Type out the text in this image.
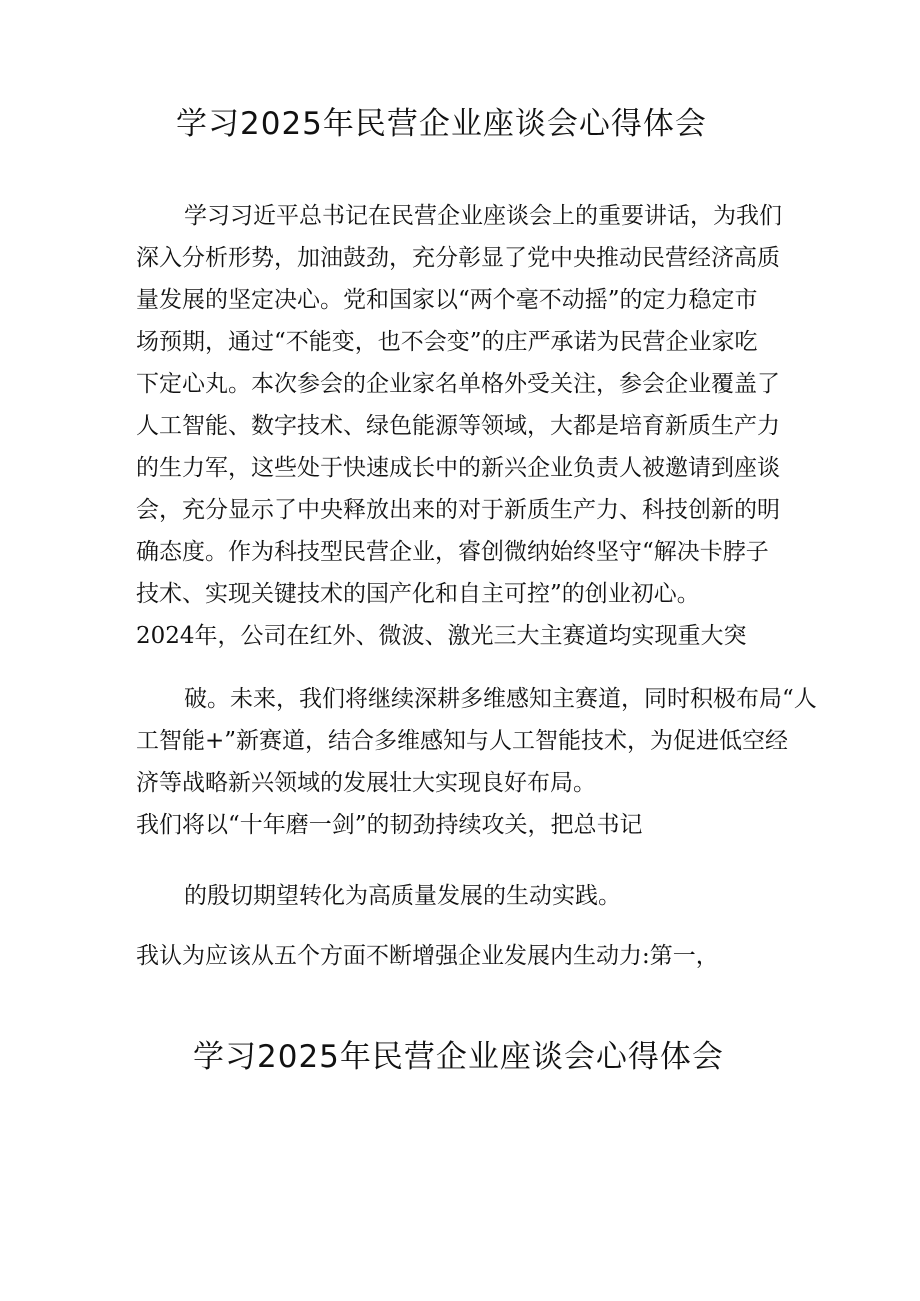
学习2025年民营企业座谈会心得体会
学习习近平总书记在民营企业座谈会上的重要讲话，为我们
深入分析形势，加油鼓劲，充分彰显了党中央推动民营经济高质
量发展的坚定决心。党和国家以“两个毫不动摇”的定力稳定市
场预期，通过“不能变，也不会变”的庄严承诺为民营企业家吃
下定心丸。本次参会的企业家名单格外受关注，参会企业覆盖了
人工智能、数字技术、绿色能源等领域，大都是培育新质生产力
的生力军，这些处于快速成长中的新兴企业负责人被邀请到座谈
会，充分显示了中央释放出来的对于新质生产力、科技创新的明
确态度。作为科技型民营企业，睿创微纳始终坚守“解决卡脖子
技术、实现关键技术的国产化和自主可控”的创业初心。
2024年，公司在红外、微波、激光三大主赛道均实现重大突
破。未来，我们将继续深耕多维感知主赛道，同时积极布局“人
工智能+”新赛道，结合多维感知与人工智能技术，为促进低空经
济等战略新兴领域的发展壮大实现良好布局。
我们将以“十年磨一剑”的韧劲持续攻关，把总书记
的殷切期望转化为高质量发展的生动实践。
我认为应该从五个方面不断增强企业发展内生动力:第一，
学习2025年民营企业座谈会心得体会
